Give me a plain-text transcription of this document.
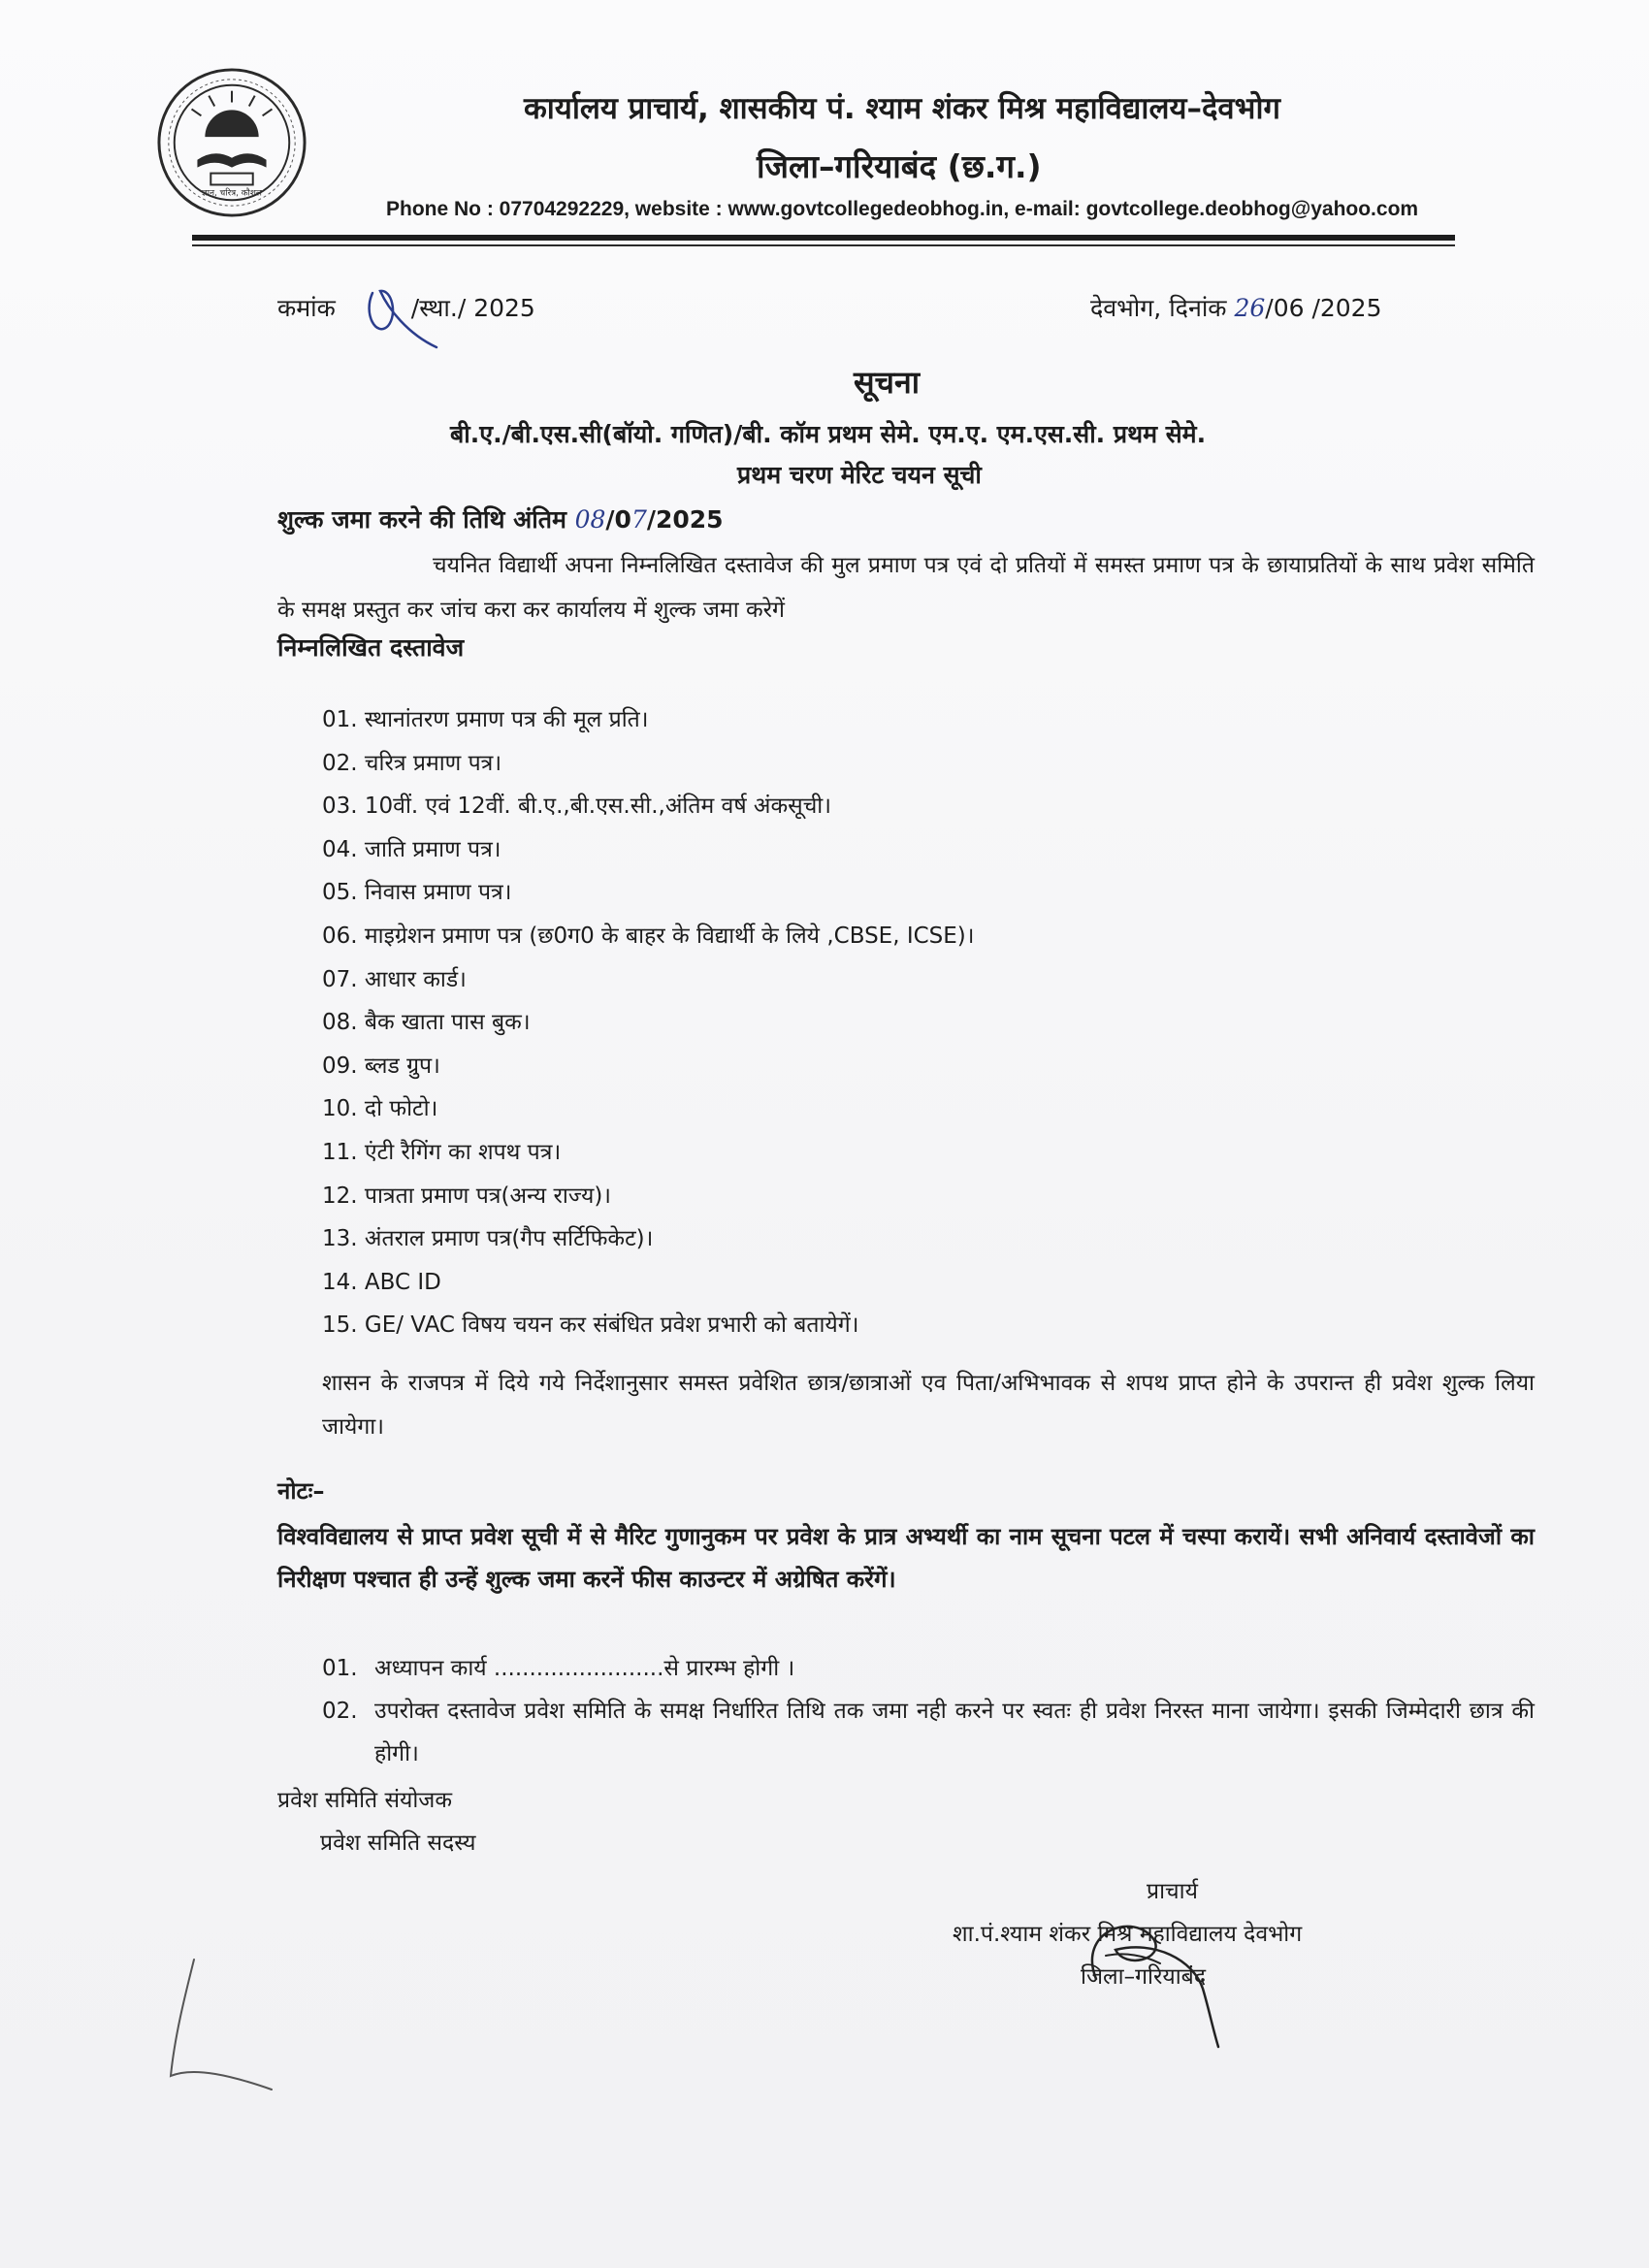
ज्ञान, चरित्र, कौशल
कार्यालय प्राचार्य, शासकीय पं. श्याम शंकर मिश्र महाविद्यालय–देवभोग
जिला–गरियाबंद (छ.ग.)
Phone No : 07704292229, website : www.govtcollegedeobhog.in, e-mail: govtcollege.deobhog@yahoo.com
कमांक	/स्था./ 2025	देवभोग, दिनांक 26/06 /2025
सूचना
बी.ए./बी.एस.सी(बॉयो. गणित)/बी. कॉम प्रथम सेमे. एम.ए. एम.एस.सी. प्रथम सेमे.
प्रथम चरण मेरिट चयन सूची
शुल्क जमा करने की तिथि अंतिम 08/07/2025
चयनित विद्यार्थी अपना निम्नलिखित दस्तावेज की मुल प्रमाण पत्र एवं दो प्रतियों में समस्त प्रमाण पत्र के छायाप्रतियों के साथ प्रवेश समिति के समक्ष प्रस्तुत कर जांच करा कर कार्यालय में शुल्क जमा करेगें
निम्नलिखित दस्तावेज
01. स्थानांतरण प्रमाण पत्र की मूल प्रति।
02. चरित्र प्रमाण पत्र।
03. 10वीं. एवं 12वीं. बी.ए.,बी.एस.सी.,अंतिम वर्ष अंकसूची।
04. जाति प्रमाण पत्र।
05. निवास प्रमाण पत्र।
06. माइग्रेशन प्रमाण पत्र (छ0ग0 के बाहर के विद्यार्थी के लिये ,CBSE, ICSE)।
07. आधार कार्ड।
08. बैक खाता पास बुक।
09. ब्लड ग्रुप।
10. दो फोटो।
11. एंटी रैगिंग का शपथ पत्र।
12. पात्रता प्रमाण पत्र(अन्य राज्य)।
13. अंतराल प्रमाण पत्र(गैप सर्टिफिकेट)।
14. ABC ID
15. GE/ VAC विषय चयन कर संबंधित प्रवेश प्रभारी को बतायेगें।
शासन के राजपत्र में दिये गये निर्देशानुसार समस्त प्रवेशित छात्र/छात्राओं एव पिता/अभिभावक से शपथ प्राप्त होने के उपरान्त ही प्रवेश शुल्क लिया जायेगा।
नोटः–
विश्वविद्यालय से प्राप्त प्रवेश सूची में से मैरिट गुणानुकम पर प्रवेश के प्रात्र अभ्यर्थी का नाम सूचना पटल में चस्पा करायें। सभी अनिवार्य दस्तावेजों का निरीक्षण पश्चात ही उन्हें शुल्क जमा करनें फीस काउन्टर में अग्रेषित करेंगें।
01. अध्यापन कार्य ........................से प्रारम्भ होगी ।
02. उपरोक्त दस्तावेज प्रवेश समिति के समक्ष निर्धारित तिथि तक जमा नही करने पर स्वतः ही प्रवेश निरस्त माना जायेगा। इसकी जिम्मेदारी छात्र की होगी।
प्रवेश समिति संयोजक
प्रवेश समिति सदस्य
प्राचार्य
शा.पं.श्याम शंकर मिश्र महाविद्यालय देवभोग
जिला–गरियाबंद
